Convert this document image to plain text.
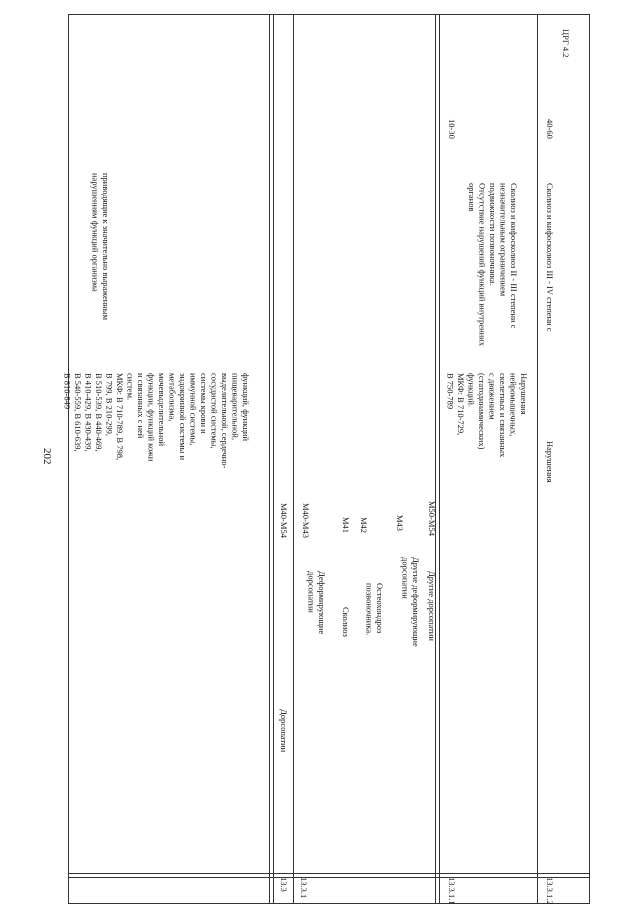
202
функций, функций
пищеварительной,
выделительной, сердечно-
сосудистой системы,
системы крови и
иммунной системы,
эндокринной системы и
метаболизма,
мочевыделительной
функции, функций кожи
и связанных с ней
систем.
МКФ: В 710-789, В 798,
В 799, В 210-299,
В 510-539, В 440-469,
В 410-429, В 430-439,
В 540-559, В 610-639,
В 810-849
приводящие к значительно выраженным
нарушениям функций организма
13.3
Дорсопатии
M40-M54
13.3.1
Деформирующие
дорсопатии
M40-M43
Сколиоз
M41
Остеохондроз
позвоночника.
M42
Другие деформирующие
дорсопатии
M43
Другие дорсопатии
M50-M54
13.3.1.1
Нарушения
нейромышечных,
скелетных и связанных
с движением
(статодинамических)
функций.
МКФ: В 710-729,
В 750-789
Сколиоз и кифосколиоз II - III степени с
незначительным ограничением
подвижности позвоночника.
Отсутствие нарушений функций внутренних
органов
10-30
13.3.1.2
Нарушения
Сколиоз и кифосколиоз III - IV степени с
40-60
ЦРГ 4.2
